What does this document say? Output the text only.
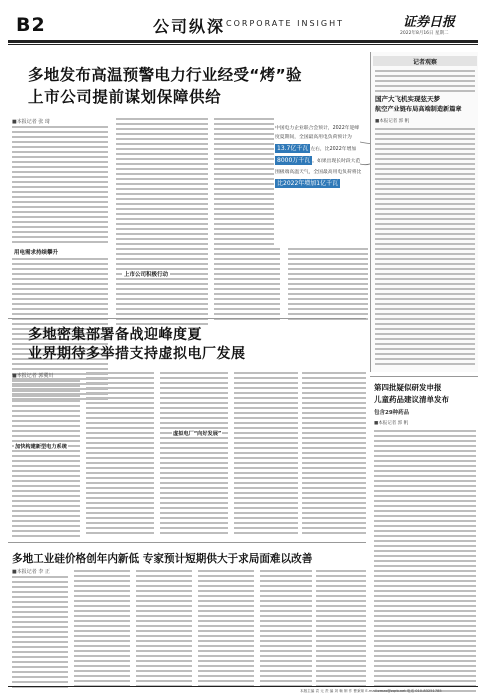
B2	公司纵深 CORPORATE INSIGHT	证券日报
2022年8月16日 星期二
多地发布高温预警电力行业经受“烤”验
上市公司提前谋划保障供给
■本报记者 张 琦
用电需求持续攀升
上市公司积极行动
中国电力企业联合会预计，2022年迎峰
度夏期间，全国最高用电负荷预计为
13.7亿千瓦 左右，比2022年增加
8000万千瓦 。如果出现长时段大范
围极端高温天气，全国最高用电负荷将比
比2022年增加1亿千瓦
记者观察
国产大飞机实现弦天梦
航空产业链布局高端制造新篇章
■本报记者 郭 帆
多地密集部署备战迎峰度夏
业界期待多举措支持虚拟电厂发展
■本报记者 郭冀川
加快构建新型电力系统
虚拟电厂“向好发展”
第四批疑似研发申报
儿童药品建议清单发布
包含29种药品
■本报记者 郭 帆
多地工业硅价格创年内新低 专家预计短期供大于求局面难以改善
■本报记者 李 正
本版主编 袁 元 责 编 刘 畅 制 作 曹秉琛 E-mail:zmzx@zqrb.net 电话 010-83251785
